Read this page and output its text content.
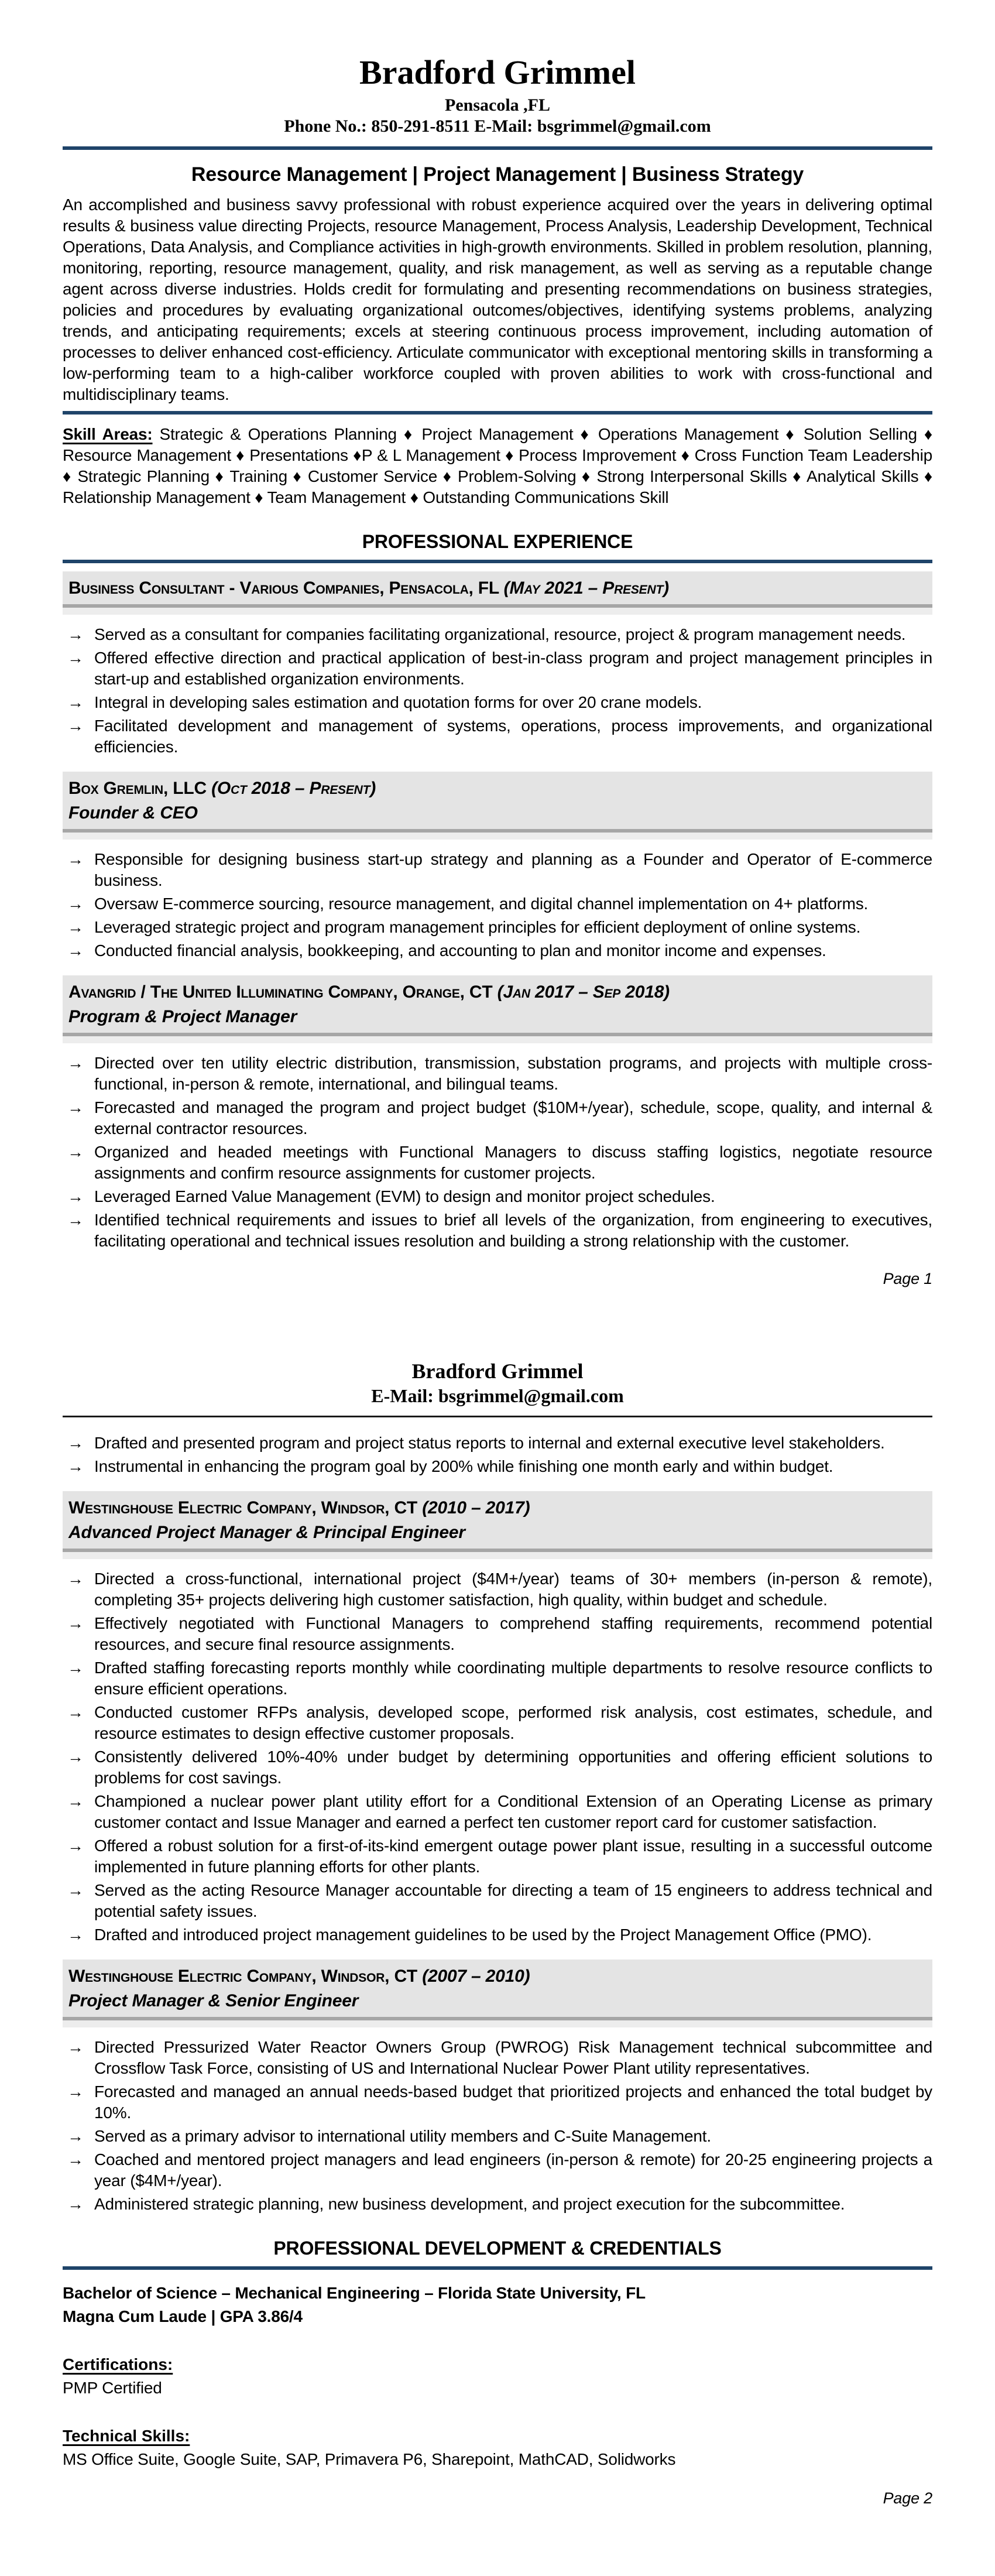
Bradford Grimmel
Pensacola ,FL
Phone No.: 850-291-8511 E-Mail: bsgrimmel@gmail.com
Resource Management | Project Management | Business Strategy

An accomplished and business savvy professional with robust experience acquired over the years in delivering optimal results & business value directing Projects, resource Management, Process Analysis, Leadership Development, Technical Operations, Data Analysis, and Compliance activities in high-growth environments. Skilled in problem resolution, planning, monitoring, reporting, resource management, quality, and risk management, as well as serving as a reputable change agent across diverse industries. Holds credit for formulating and presenting recommendations on business strategies, policies and procedures by evaluating organizational outcomes/objectives, identifying systems problems, analyzing trends, and anticipating requirements; excels at steering continuous process improvement, including automation of processes to deliver enhanced cost-efficiency. Articulate communicator with exceptional mentoring skills in transforming a low-performing team to a high-caliber workforce coupled with proven abilities to work with cross-functional and multidisciplinary teams.

Skill Areas: Strategic & Operations Planning ♦ Project Management ♦ Operations Management ♦ Solution Selling ♦ Resource Management ♦ Presentations ♦P & L Management ♦ Process Improvement ♦ Cross Function Team Leadership ♦ Strategic Planning ♦ Training ♦ Customer Service ♦ Problem-Solving ♦ Strong Interpersonal Skills ♦ Analytical Skills ♦ Relationship Management ♦ Team Management ♦ Outstanding Communications Skill

PROFESSIONAL EXPERIENCE
Business Consultant - Various Companies, Pensacola, FL (May 2021 – Present)
→ Served as a consultant for companies facilitating organizational, resource, project & program management needs.
→ Offered effective direction and practical application of best-in-class program and project management principles in start-up and established organization environments.
→ Integral in developing sales estimation and quotation forms for over 20 crane models.
→ Facilitated development and management of systems, operations, process improvements, and organizational efficiencies.
Box Gremlin, LLC (Oct 2018 – Present)
Founder & CEO
→ Responsible for designing business start-up strategy and planning as a Founder and Operator of E-commerce business.
→ Oversaw E-commerce sourcing, resource management, and digital channel implementation on 4+ platforms.
→ Leveraged strategic project and program management principles for efficient deployment of online systems.
→ Conducted financial analysis, bookkeeping, and accounting to plan and monitor income and expenses.
Avangrid / The United Illuminating Company, Orange, CT (Jan 2017 – Sep 2018)
Program & Project Manager
→ Directed over ten utility electric distribution, transmission, substation programs, and projects with multiple cross-functional, in-person & remote, international, and bilingual teams.
→ Forecasted and managed the program and project budget ($10M+/year), schedule, scope, quality, and internal & external contractor resources.
→ Organized and headed meetings with Functional Managers to discuss staffing logistics, negotiate resource assignments and confirm resource assignments for customer projects.
→ Leveraged Earned Value Management (EVM) to design and monitor project schedules.
→ Identified technical requirements and issues to brief all levels of the organization, from engineering to executives, facilitating operational and technical issues resolution and building a strong relationship with the customer.
Page 1
Bradford Grimmel
E-Mail: bsgrimmel@gmail.com
→ Drafted and presented program and project status reports to internal and external executive level stakeholders.
→ Instrumental in enhancing the program goal by 200% while finishing one month early and within budget.
Westinghouse Electric Company, Windsor, CT (2010 – 2017)
Advanced Project Manager & Principal Engineer
→ Directed a cross-functional, international project ($4M+/year) teams of 30+ members (in-person & remote), completing 35+ projects delivering high customer satisfaction, high quality, within budget and schedule.
→ Effectively negotiated with Functional Managers to comprehend staffing requirements, recommend potential resources, and secure final resource assignments.
→ Drafted staffing forecasting reports monthly while coordinating multiple departments to resolve resource conflicts to ensure efficient operations.
→ Conducted customer RFPs analysis, developed scope, performed risk analysis, cost estimates, schedule, and resource estimates to design effective customer proposals.
→ Consistently delivered 10%-40% under budget by determining opportunities and offering efficient solutions to problems for cost savings.
→ Championed a nuclear power plant utility effort for a Conditional Extension of an Operating License as primary customer contact and Issue Manager and earned a perfect ten customer report card for customer satisfaction.
→ Offered a robust solution for a first-of-its-kind emergent outage power plant issue, resulting in a successful outcome implemented in future planning efforts for other plants.
→ Served as the acting Resource Manager accountable for directing a team of 15 engineers to address technical and potential safety issues.
→ Drafted and introduced project management guidelines to be used by the Project Management Office (PMO).
Westinghouse Electric Company, Windsor, CT (2007 – 2010)
Project Manager & Senior Engineer
→ Directed Pressurized Water Reactor Owners Group (PWROG) Risk Management technical subcommittee and Crossflow Task Force, consisting of US and International Nuclear Power Plant utility representatives.
→ Forecasted and managed an annual needs-based budget that prioritized projects and enhanced the total budget by 10%.
→ Served as a primary advisor to international utility members and C-Suite Management.
→ Coached and mentored project managers and lead engineers (in-person & remote) for 20-25 engineering projects a year ($4M+/year).
→ Administered strategic planning, new business development, and project execution for the subcommittee.
PROFESSIONAL DEVELOPMENT & CREDENTIALS
Bachelor of Science – Mechanical Engineering – Florida State University, FL
Magna Cum Laude | GPA 3.86/4
Certifications:
PMP Certified
Technical Skills:
MS Office Suite, Google Suite, SAP, Primavera P6, Sharepoint, MathCAD, Solidworks
Page 2
